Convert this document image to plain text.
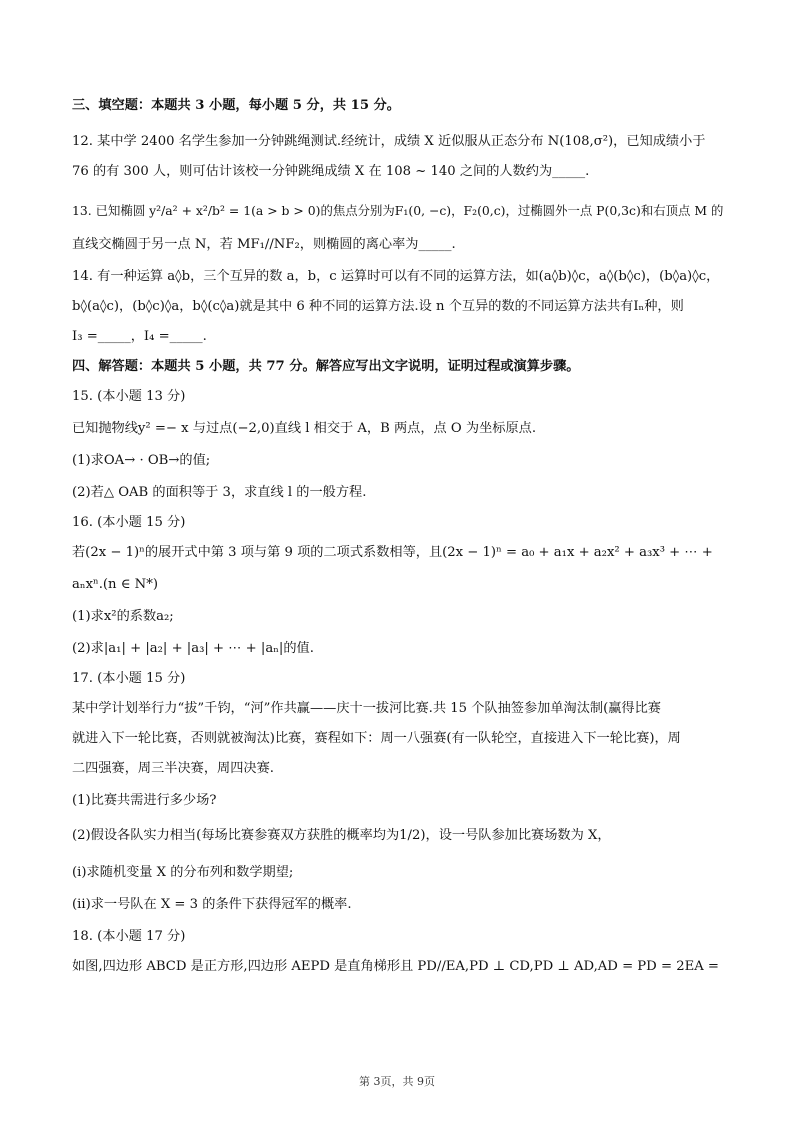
三、填空题：本题共 3 小题，每小题 5 分，共 15 分。
12. 某中学 2400 名学生参加一分钟跳绳测试.经统计，成绩 X 近似服从正态分布 N(108,σ²)，已知成绩小于
76 的有 300 人，则可估计该校一分钟跳绳成绩 X 在 108 ~ 140 之间的人数约为_____.
13. 已知椭圆 y²/a² + x²/b² = 1(a > b > 0)的焦点分别为F₁(0, −c)，F₂(0,c)，过椭圆外一点 P(0,3c)和右顶点 M 的
直线交椭圆于另一点 N，若 MF₁//NF₂，则椭圆的离心率为_____.
14. 有一种运算 a◊b，三个互异的数 a，b，c 运算时可以有不同的运算方法，如(a◊b)◊c，a◊(b◊c)，(b◊a)◊c，
b◊(a◊c)，(b◊c)◊a，b◊(c◊a)就是其中 6 种不同的运算方法.设 n 个互异的数的不同运算方法共有Iₙ种，则
I₃ =_____，I₄ =_____.
四、解答题：本题共 5 小题，共 77 分。解答应写出文字说明，证明过程或演算步骤。
15. (本小题 13 分)
已知抛物线y² =− x 与过点(−2,0)直线 l 相交于 A，B 两点，点 O 为坐标原点.
(1)求OA→ · OB→的值;
(2)若△ OAB 的面积等于 3，求直线 l 的一般方程.
16. (本小题 15 分)
若(2x − 1)ⁿ的展开式中第 3 项与第 9 项的二项式系数相等，且(2x − 1)ⁿ = a₀ + a₁x + a₂x² + a₃x³ + ⋯ +
aₙxⁿ.(n ∈ N*)
(1)求x²的系数a₂;
(2)求|a₁| + |a₂| + |a₃| + ⋯ + |aₙ|的值.
17. (本小题 15 分)
某中学计划举行力“拔”千钧，“河”作共赢——庆十一拔河比赛.共 15 个队抽签参加单淘汰制(赢得比赛
就进入下一轮比赛，否则就被淘汰)比赛，赛程如下：周一八强赛(有一队轮空，直接进入下一轮比赛)，周
二四强赛，周三半决赛，周四决赛.
(1)比赛共需进行多少场?
(2)假设各队实力相当(每场比赛参赛双方获胜的概率均为1/2)，设一号队参加比赛场数为 X，
(ⅰ)求随机变量 X 的分布列和数学期望;
(ⅱ)求一号队在 X = 3 的条件下获得冠军的概率.
18. (本小题 17 分)
如图,四边形 ABCD 是正方形,四边形 AEPD 是直角梯形且 PD//EA,PD ⊥ CD,PD ⊥ AD,AD = PD = 2EA =
第 3页，共 9页
